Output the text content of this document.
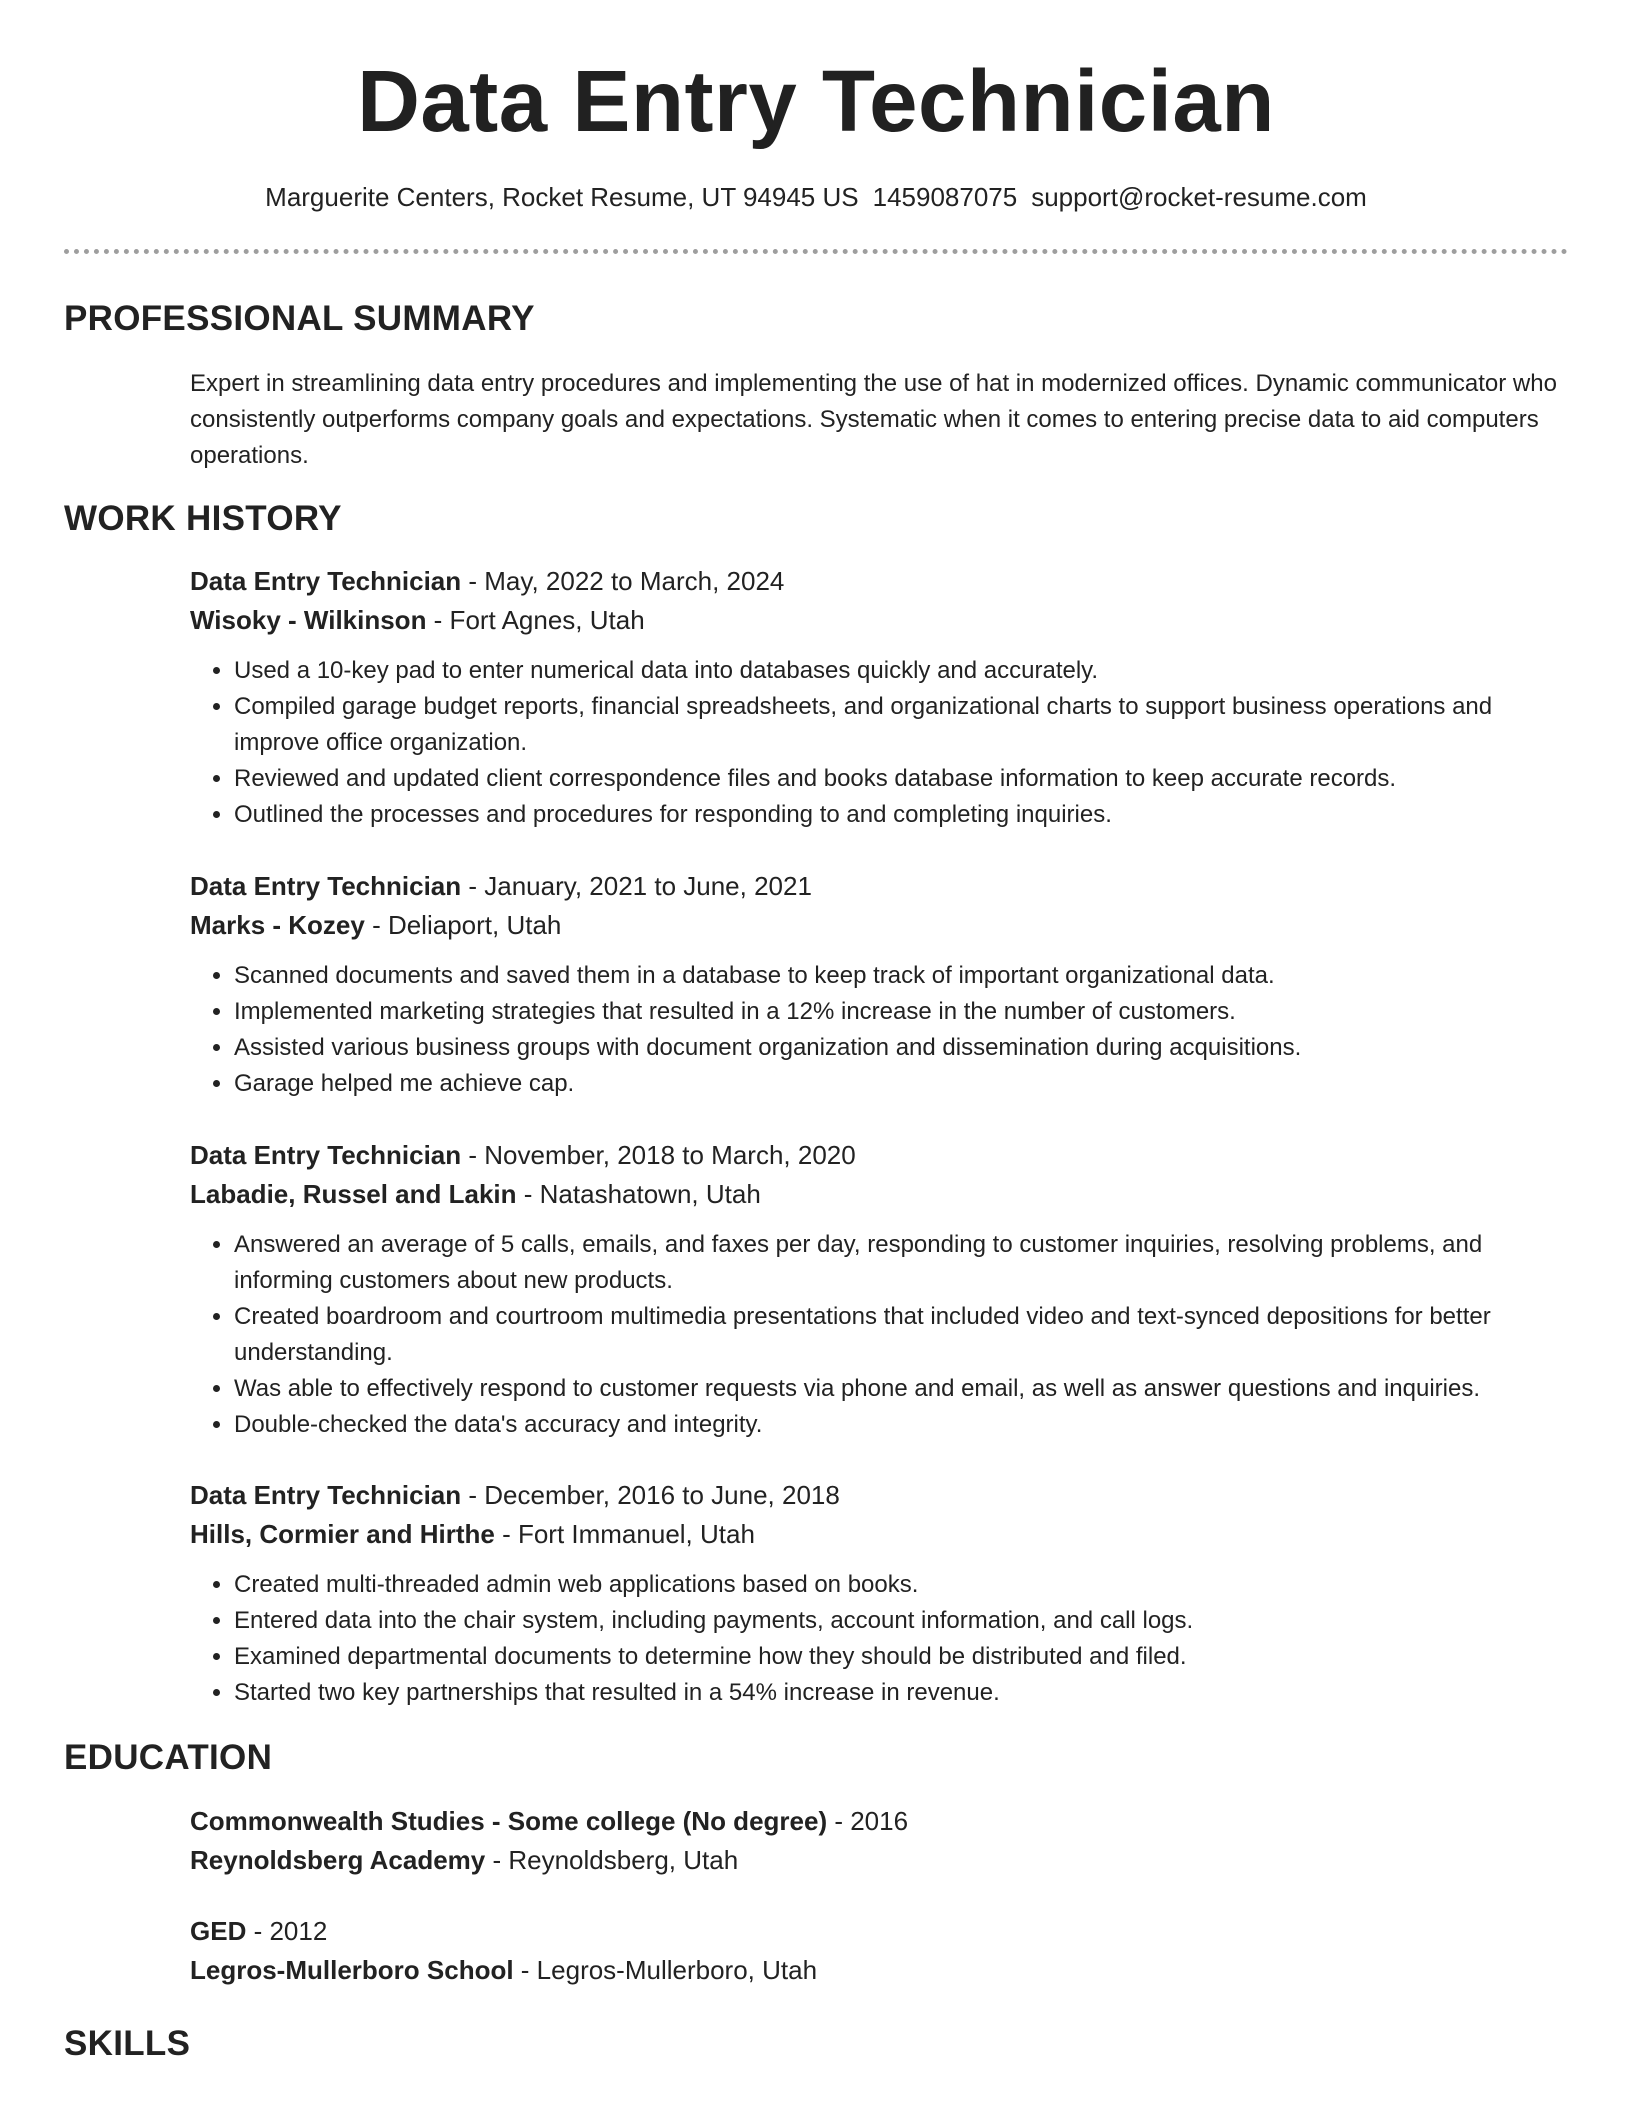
Data Entry Technician
Marguerite Centers, Rocket Resume, UT 94945 US 1459087075 support@rocket-resume.com
PROFESSIONAL SUMMARY
Expert in streamlining data entry procedures and implementing the use of hat in modernized offices. Dynamic communicator who consistently outperforms company goals and expectations. Systematic when it comes to entering precise data to aid computers operations.
WORK HISTORY

Data Entry Technician - May, 2022 to March, 2024

Wisoky - Wilkinson - Fort Agnes, Utah

• Used a 10-key pad to enter numerical data into databases quickly and accurately.
• Compiled garage budget reports, financial spreadsheets, and organizational charts to support business operations and improve office organization.
• Reviewed and updated client correspondence files and books database information to keep accurate records.
• Outlined the processes and procedures for responding to and completing inquiries.

Data Entry Technician - January, 2021 to June, 2021

Marks - Kozey - Deliaport, Utah

• Scanned documents and saved them in a database to keep track of important organizational data.
• Implemented marketing strategies that resulted in a 12% increase in the number of customers.
• Assisted various business groups with document organization and dissemination during acquisitions.
• Garage helped me achieve cap.

Data Entry Technician - November, 2018 to March, 2020

Labadie, Russel and Lakin - Natashatown, Utah

• Answered an average of 5 calls, emails, and faxes per day, responding to customer inquiries, resolving problems, and informing customers about new products.
• Created boardroom and courtroom multimedia presentations that included video and text-synced depositions for better understanding.
• Was able to effectively respond to customer requests via phone and email, as well as answer questions and inquiries.
• Double-checked the data's accuracy and integrity.

Data Entry Technician - December, 2016 to June, 2018

Hills, Cormier and Hirthe - Fort Immanuel, Utah

• Created multi-threaded admin web applications based on books.
• Entered data into the chair system, including payments, account information, and call logs.
• Examined departmental documents to determine how they should be distributed and filed.
• Started two key partnerships that resulted in a 54% increase in revenue.
EDUCATION

Commonwealth Studies - Some college (No degree) - 2016

Reynoldsberg Academy - Reynoldsberg, Utah

GED - 2012

Legros-Mullerboro School - Legros-Mullerboro, Utah

SKILLS
